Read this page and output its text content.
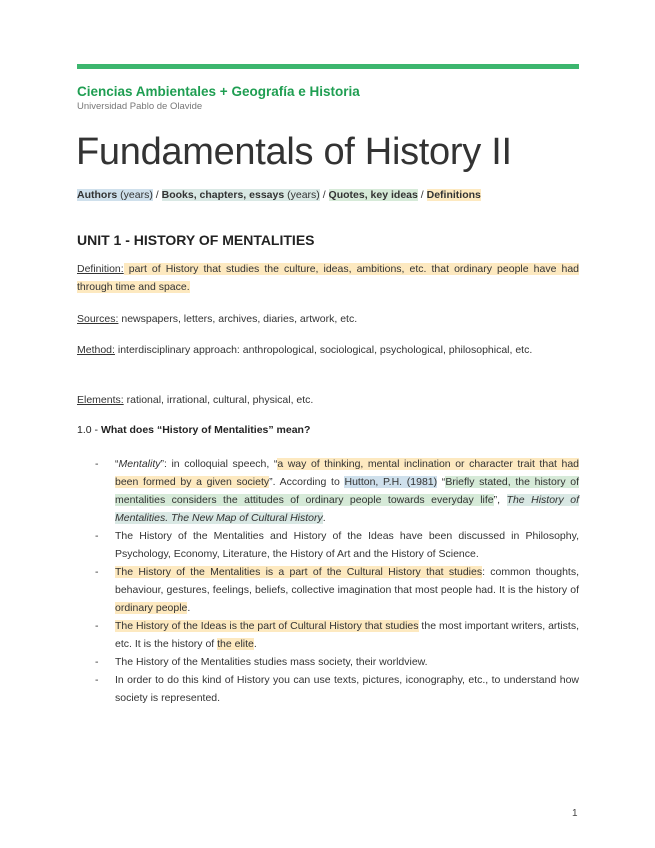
Ciencias Ambientales + Geografía e Historia
Universidad Pablo de Olavide
Fundamentals of History II
Authors (years) / Books, chapters, essays (years) / Quotes, key ideas / Definitions
UNIT 1 - HISTORY OF MENTALITIES
Definition: part of History that studies the culture, ideas, ambitions, etc. that ordinary people have had through time and space.
Sources: newspapers, letters, archives, diaries, artwork, etc.
Method: interdisciplinary approach: anthropological, sociological, psychological, philosophical, etc.
Elements: rational, irrational, cultural, physical, etc.
1.0 - What does “History of Mentalities” mean?
- “Mentality”: in colloquial speech, “a way of thinking, mental inclination or character trait that had been formed by a given society”. According to Hutton, P.H. (1981) “Briefly stated, the history of mentalities considers the attitudes of ordinary people towards everyday life”, The History of Mentalities. The New Map of Cultural History.
- The History of the Mentalities and History of the Ideas have been discussed in Philosophy, Psychology, Economy, Literature, the History of Art and the History of Science.
- The History of the Mentalities is a part of the Cultural History that studies: common thoughts, behaviour, gestures, feelings, beliefs, collective imagination that most people had. It is the history of ordinary people.
- The History of the Ideas is the part of Cultural History that studies the most important writers, artists, etc. It is the history of the elite.
- The History of the Mentalities studies mass society, their worldview.
- In order to do this kind of History you can use texts, pictures, iconography, etc., to understand how society is represented.
1
